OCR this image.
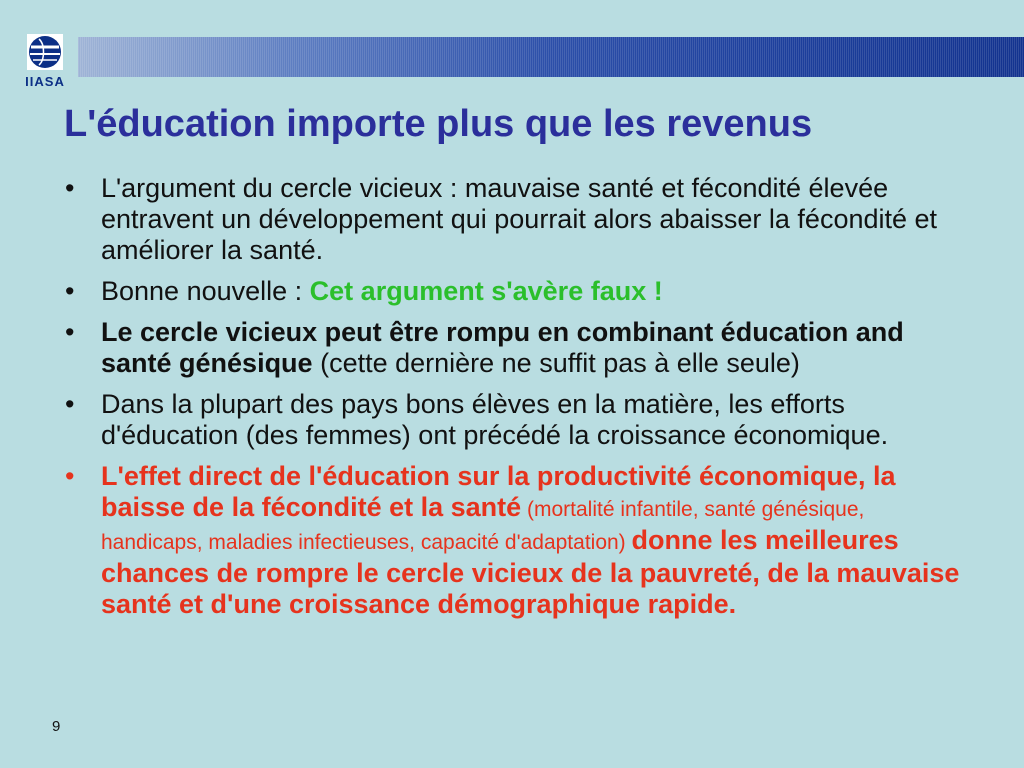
IIASA
L'éducation importe plus que les revenus
• L'argument du cercle vicieux : mauvaise santé et fécondité élevée entravent un développement qui pourrait alors abaisser la fécondité et améliorer la santé.
• Bonne nouvelle : Cet argument s'avère faux !
• Le cercle vicieux peut être rompu en combinant éducation and santé génésique (cette dernière ne suffit pas à elle seule)
• Dans la plupart des pays bons élèves en la matière, les efforts d'éducation (des femmes) ont précédé la croissance économique.
• L'effet direct de l'éducation sur la productivité économique, la baisse de la fécondité et la santé (mortalité infantile, santé génésique, handicaps, maladies infectieuses, capacité d'adaptation) donne les meilleures chances de rompre le cercle vicieux de la pauvreté, de la mauvaise santé et d'une croissance démographique rapide.
9
